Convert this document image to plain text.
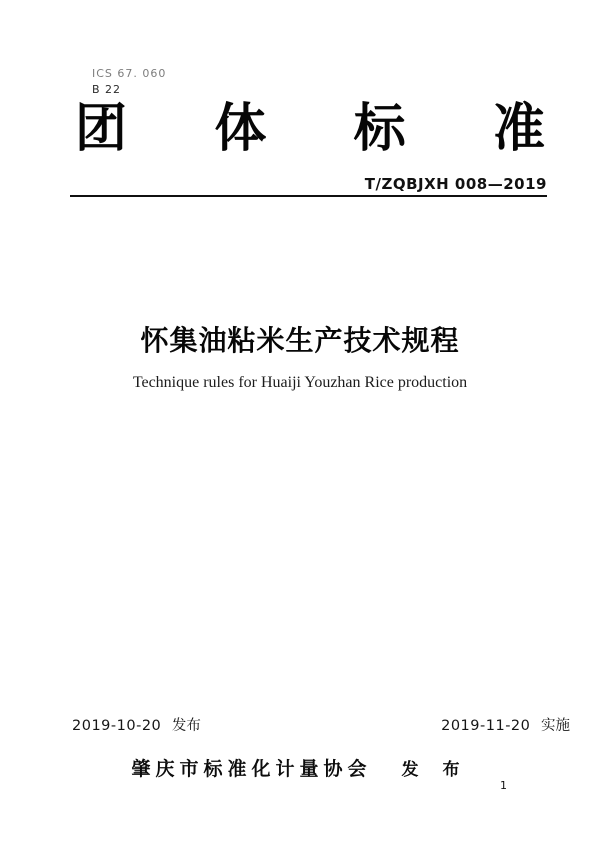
ICS 67. 060
B 22
团 体 标 准
T/ZQBJXH 008—2019
怀集油粘米生产技术规程
Technique rules for Huaiji Youzhan Rice production
2019-10-20 发布	2019-11-20 实施
肇庆市标准化计量协会 发 布
1
